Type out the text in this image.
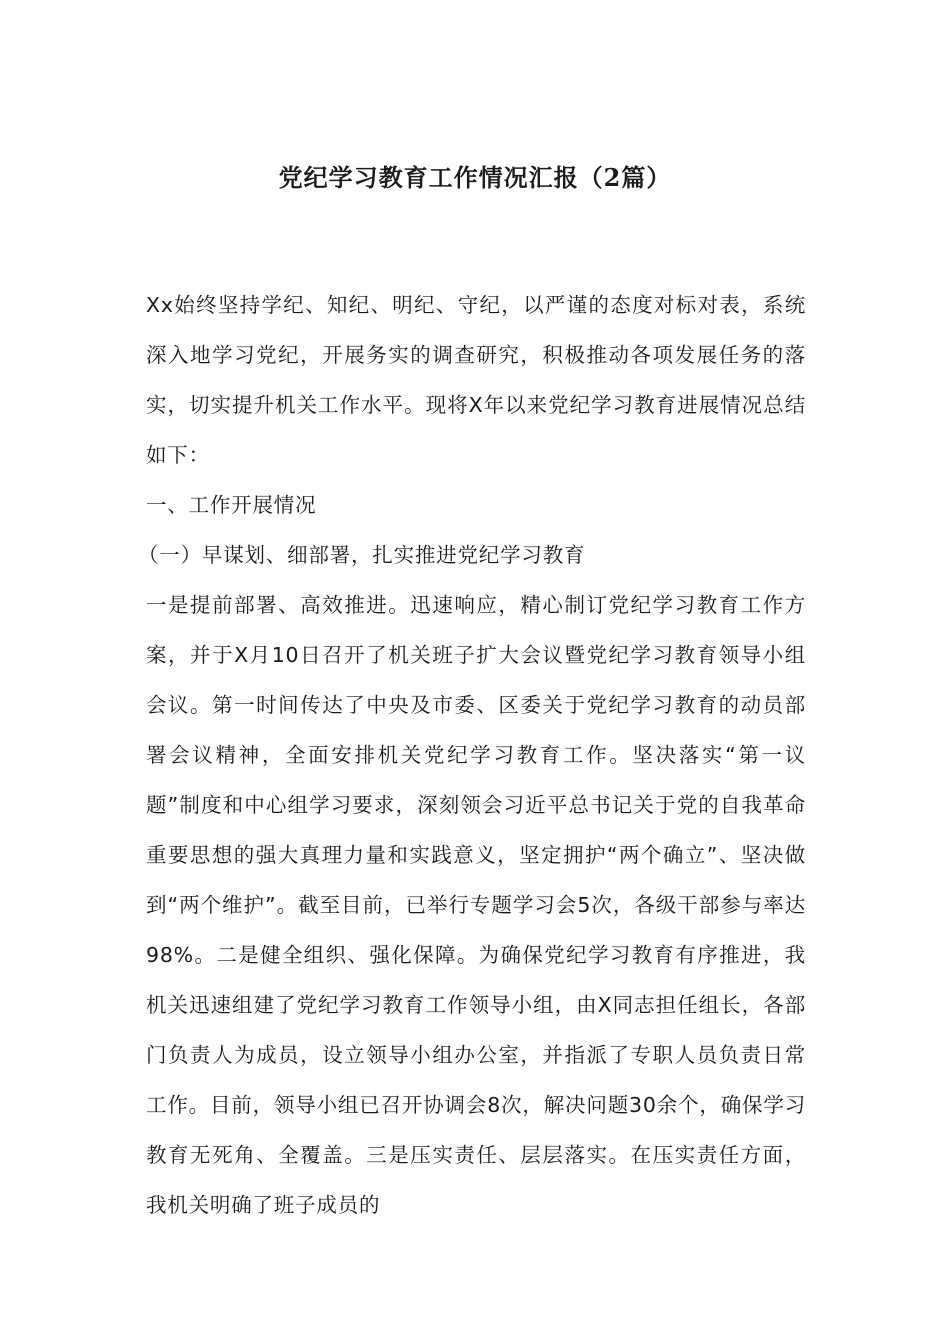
党纪学习教育工作情况汇报（2篇）

Xx始终坚持学纪、知纪、明纪、守纪，以严谨的态度对标对表，系统深入地学习党纪，开展务实的调查研究，积极推动各项发展任务的落实，切实提升机关工作水平。现将X年以来党纪学习教育进展情况总结如下：

一、工作开展情况

（一）早谋划、细部署，扎实推进党纪学习教育

一是提前部署、高效推进。迅速响应，精心制订党纪学习教育工作方案，并于X月10日召开了机关班子扩大会议暨党纪学习教育领导小组会议。第一时间传达了中央及市委、区委关于党纪学习教育的动员部署会议精神，全面安排机关党纪学习教育工作。坚决落实“第一议题”制度和中心组学习要求，深刻领会习近平总书记关于党的自我革命重要思想的强大真理力量和实践意义，坚定拥护“两个确立”、坚决做到“两个维护”。截至目前，已举行专题学习会5次，各级干部参与率达98%。二是健全组织、强化保障。为确保党纪学习教育有序推进，我机关迅速组建了党纪学习教育工作领导小组，由X同志担任组长，各部门负责人为成员，设立领导小组办公室，并指派了专职人员负责日常工作。目前，领导小组已召开协调会8次，解决问题30余个，确保学习教育无死角、全覆盖。三是压实责任、层层落实。在压实责任方面，我机关明确了班子成员的
